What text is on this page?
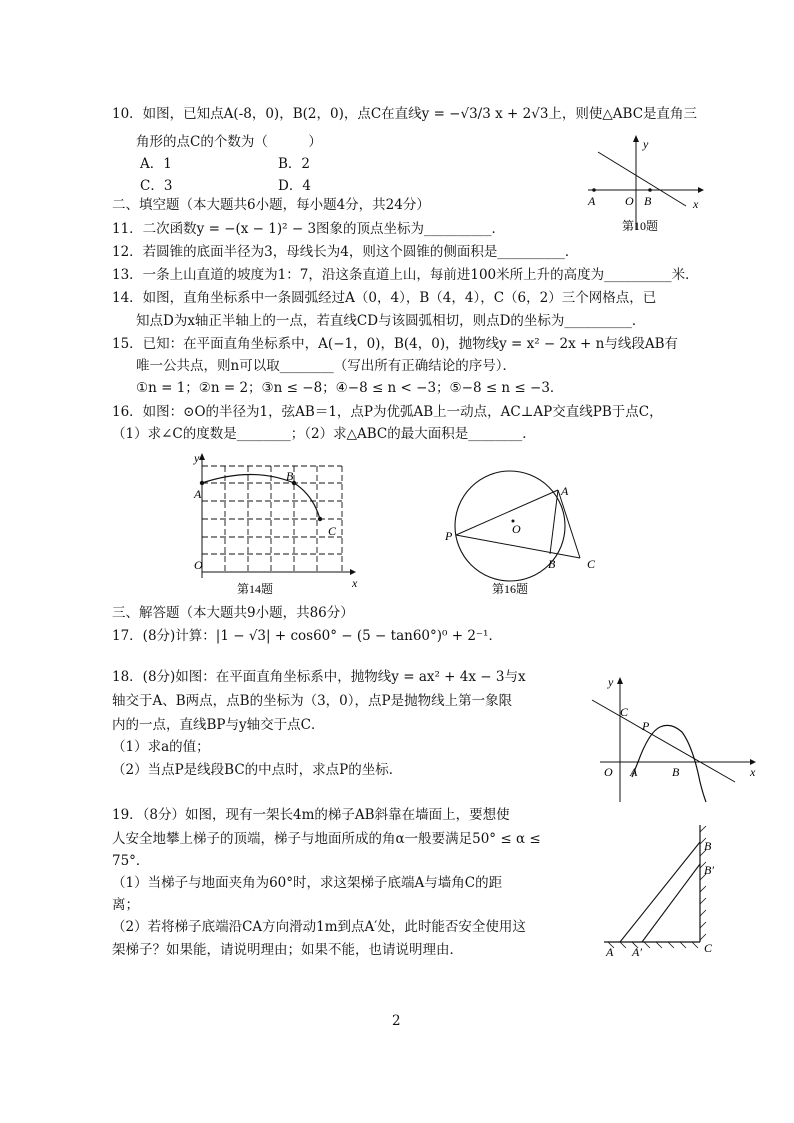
10．如图，已知点A(-8，0)，B(2，0)，点C在直线y = −√3/3 x + 2√3上，则使△ABC是直角三
角形的点C的个数为（　　　）
A．1	B．2
C．3	D．4
y
x
A O B
第10题
二、填空题（本大题共6小题，每小题4分，共24分）
11．二次函数y = −(x − 1)² − 3图象的顶点坐标为__________．
12．若圆锥的底面半径为3，母线长为4，则这个圆锥的侧面积是__________．
13．一条上山直道的坡度为1：7，沿这条直道上山，每前进100米所上升的高度为__________米．
14．如图，直角坐标系中一条圆弧经过A（0，4），B（4，4），C（6，2）三个网格点，已
知点D为x轴正半轴上的一点，若直线CD与该圆弧相切，则点D的坐标为__________．
15．已知：在平面直角坐标系中，A(−1，0)，B(4，0)，抛物线y = x² − 2x + n与线段AB有
唯一公共点，则n可以取________（写出所有正确结论的序号）．
①n = 1；②n = 2；③n ≤ −8；④−8 ≤ n < −3；⑤−8 ≤ n ≤ −3．
16．如图：⊙O的半径为1，弦AB＝1，点P为优弧AB上一动点，AC⊥AP交直线PB于点C，
（1）求∠C的度数是________；（2）求△ABC的最大面积是________．
y
x
A
B
C
O
第14题
A
B	C
P	O
第16题
三、解答题（本大题共9小题，共86分）
17．(8分)计算：|1 − √3| + cos60° − (5 − tan60°)⁰ + 2⁻¹．
18．(8分)如图：在平面直角坐标系中，抛物线y = ax² + 4x − 3与x
轴交于A、B两点，点B的坐标为（3，0），点P是抛物线上第一象限
内的一点，直线BP与y轴交于点C．
（1）求a的值；
（2）当点P是线段BC的中点时，求点P的坐标．
y
x
C
P
O A	B
19．（8分）如图，现有一架长4m的梯子AB斜靠在墙面上，要想使
人安全地攀上梯子的顶端，梯子与地面所成的角α一般要满足50° ≤ α ≤
75°．
（1）当梯子与地面夹角为60°时，求这架梯子底端A与墙角C的距
离；
（2）若将梯子底端沿CA方向滑动1m到点A′处，此时能否安全使用这
架梯子？如果能，请说明理由；如果不能，也请说明理由．
B
B′
A A′	C
2
